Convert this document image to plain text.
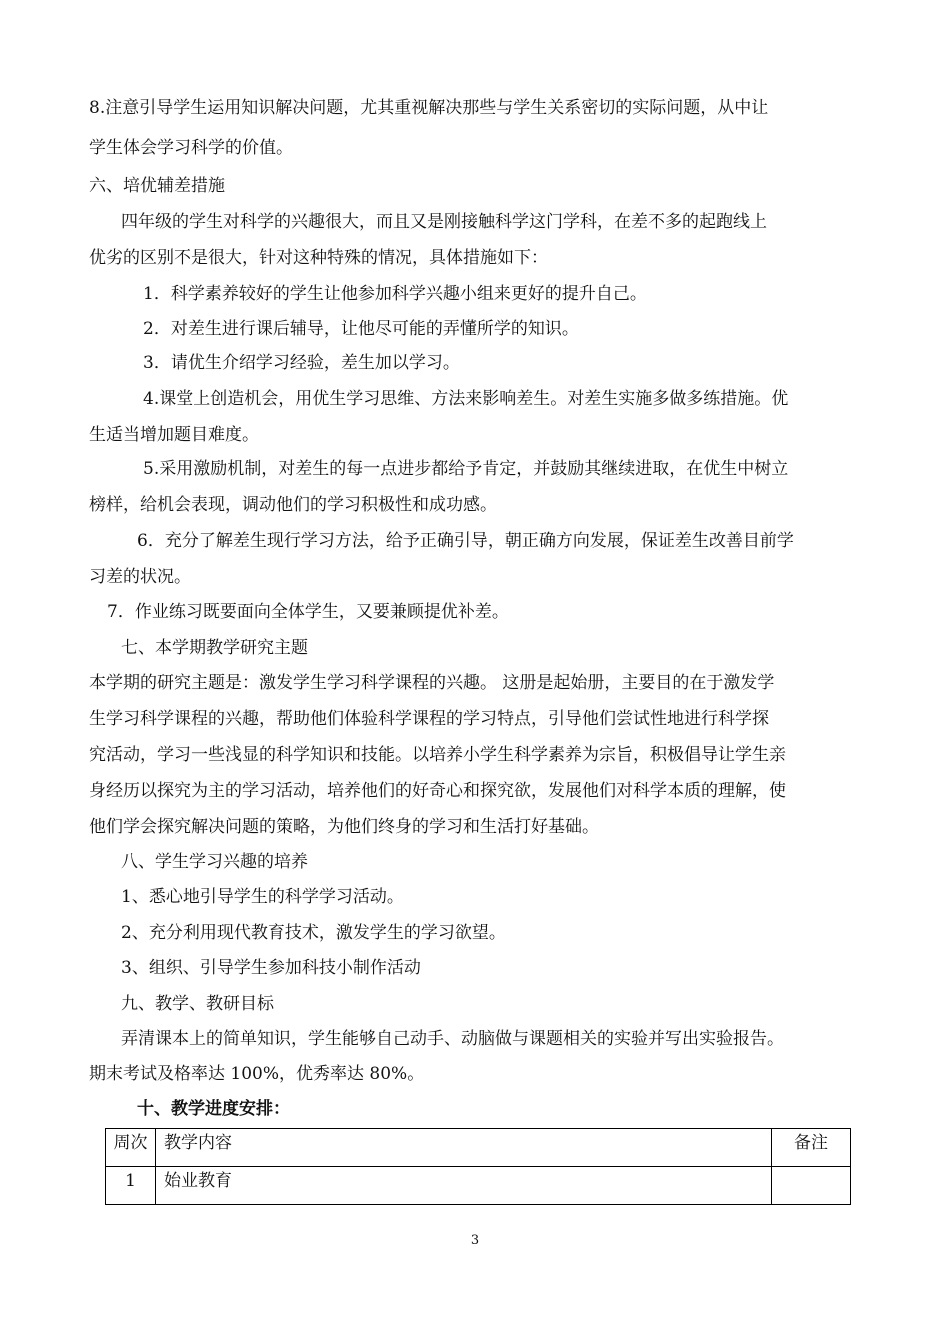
8.注意引导学生运用知识解决问题，尤其重视解决那些与学生关系密切的实际问题，从中让
学生体会学习科学的价值。
六、培优辅差措施
四年级的学生对科学的兴趣很大，而且又是刚接触科学这门学科，在差不多的起跑线上
优劣的区别不是很大，针对这种特殊的情况，具体措施如下：
1．科学素养较好的学生让他参加科学兴趣小组来更好的提升自己。
2．对差生进行课后辅导，让他尽可能的弄懂所学的知识。
3．请优生介绍学习经验，差生加以学习。
4.课堂上创造机会，用优生学习思维、方法来影响差生。对差生实施多做多练措施。优
生适当增加题目难度。
5.采用激励机制，对差生的每一点进步都给予肯定，并鼓励其继续进取，在优生中树立
榜样，给机会表现，调动他们的学习积极性和成功感。
6．充分了解差生现行学习方法，给予正确引导，朝正确方向发展，保证差生改善目前学
习差的状况。
7．作业练习既要面向全体学生，又要兼顾提优补差。
七、本学期教学研究主题
本学期的研究主题是：激发学生学习科学课程的兴趣。 这册是起始册，主要目的在于激发学
生学习科学课程的兴趣，帮助他们体验科学课程的学习特点，引导他们尝试性地进行科学探
究活动，学习一些浅显的科学知识和技能。以培养小学生科学素养为宗旨，积极倡导让学生亲
身经历以探究为主的学习活动，培养他们的好奇心和探究欲，发展他们对科学本质的理解，使
他们学会探究解决问题的策略，为他们终身的学习和生活打好基础。
八、学生学习兴趣的培养
1、悉心地引导学生的科学学习活动。
2、充分利用现代教育技术，激发学生的学习欲望。
3、组织、引导学生参加科技小制作活动
九、教学、教研目标
弄清课本上的简单知识，学生能够自己动手、动脑做与课题相关的实验并写出实验报告。
期末考试及格率达 100%，优秀率达 80%。
十、教学进度安排：
周次	教学内容	备注
1	始业教育	
3
